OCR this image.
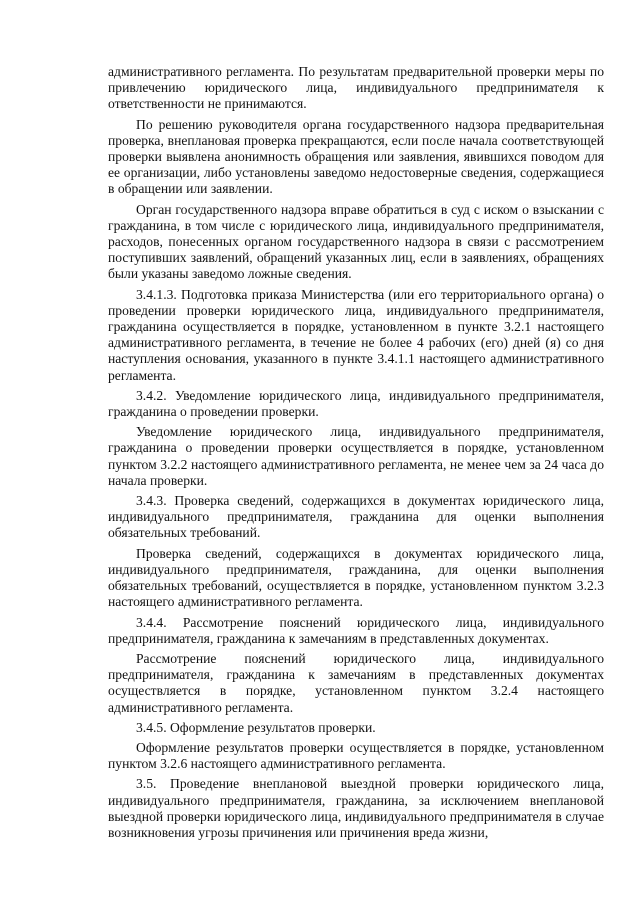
административного регламента. По результатам предварительной проверки меры по привлечению юридического лица, индивидуального предпринимателя к ответственности не принимаются.

По решению руководителя органа государственного надзора предварительная проверка, внеплановая проверка прекращаются, если после начала соответствующей проверки выявлена анонимность обращения или заявления, явившихся поводом для ее организации, либо установлены заведомо недостоверные сведения, содержащиеся в обращении или заявлении.

Орган государственного надзора вправе обратиться в суд с иском о взыскании с гражданина, в том числе с юридического лица, индивидуального предпринимателя, расходов, понесенных органом государственного надзора в связи с рассмотрением поступивших заявлений, обращений указанных лиц, если в заявлениях, обращениях были указаны заведомо ложные сведения.

3.4.1.3. Подготовка приказа Министерства (или его территориального органа) о проведении проверки юридического лица, индивидуального предпринимателя, гражданина осуществляется в порядке, установленном в пункте 3.2.1 настоящего административного регламента, в течение не более 4 рабочих (его) дней (я) со дня наступления основания, указанного в пункте 3.4.1.1 настоящего административного регламента.

3.4.2. Уведомление юридического лица, индивидуального предпринимателя, гражданина о проведении проверки.

Уведомление юридического лица, индивидуального предпринимателя, гражданина о проведении проверки осуществляется в порядке, установленном пунктом 3.2.2 настоящего административного регламента, не менее чем за 24 часа до начала проверки.

3.4.3. Проверка сведений, содержащихся в документах юридического лица, индивидуального предпринимателя, гражданина для оценки выполнения обязательных требований.

Проверка сведений, содержащихся в документах юридического лица, индивидуального предпринимателя, гражданина, для оценки выполнения обязательных требований, осуществляется в порядке, установленном пунктом 3.2.3 настоящего административного регламента.

3.4.4. Рассмотрение пояснений юридического лица, индивидуального предпринимателя, гражданина к замечаниям в представленных документах.

Рассмотрение пояснений юридического лица, индивидуального предпринимателя, гражданина к замечаниям в представленных документах осуществляется в порядке, установленном пунктом 3.2.4 настоящего административного регламента.

3.4.5. Оформление результатов проверки.

Оформление результатов проверки осуществляется в порядке, установленном пунктом 3.2.6 настоящего административного регламента.

3.5. Проведение внеплановой выездной проверки юридического лица, индивидуального предпринимателя, гражданина, за исключением внеплановой выездной проверки юридического лица, индивидуального предпринимателя в случае возникновения угрозы причинения или причинения вреда жизни,
